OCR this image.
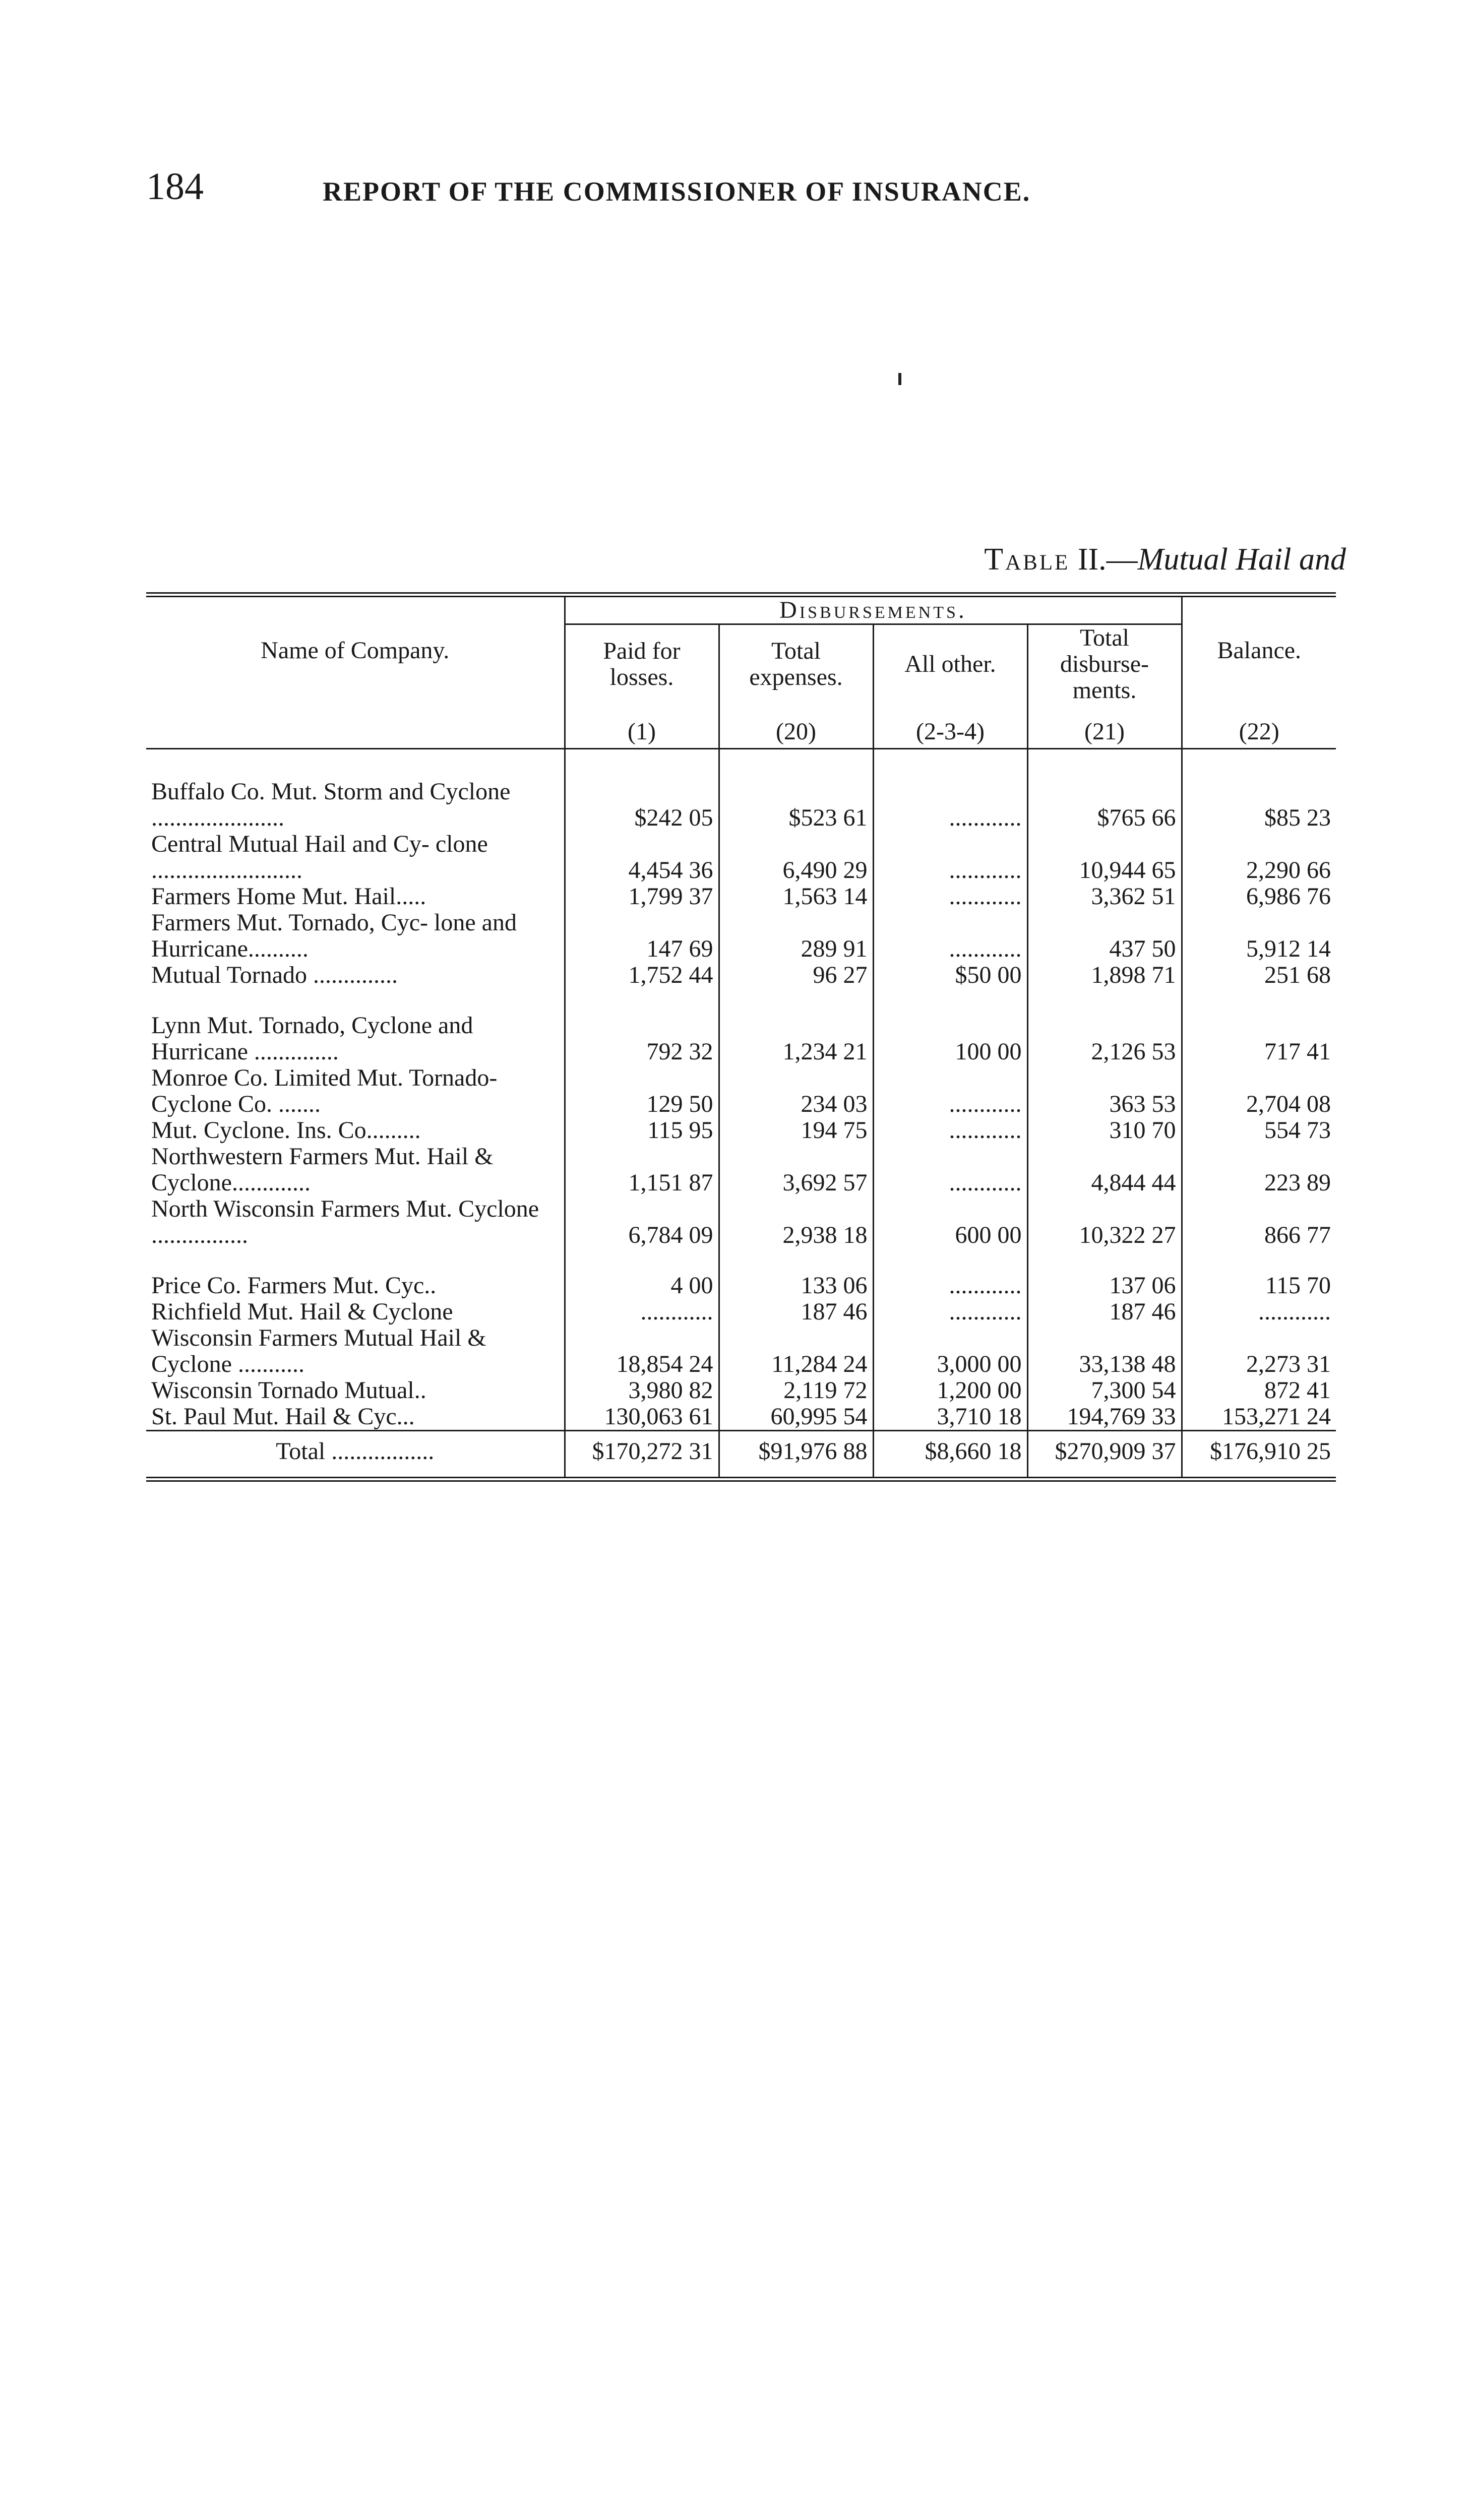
184	REPORT OF THE COMMISSIONER OF INSURANCE.
Table II.—Mutual Hail and
Name of Company.	Disbursements.				Balance.
	Paid for losses.	Total expenses.	All other.	Total disburse-ments.	
	(1)	(20)	(2-3-4)	(21)	(22)
Buffalo Co. Mut. Storm and Cyclone ......................	$242 05	$523 61	............	$765 66	$85 23
Central Mutual Hail and Cy- clone .........................	4,454 36	6,490 29	............	10,944 65	2,290 66
Farmers Home Mut. Hail.....	1,799 37	1,563 14	............	3,362 51	6,986 76
Farmers Mut. Tornado, Cyc- lone and Hurricane..........	147 69	289 91	............	437 50	5,912 14
Mutual Tornado ..............	1,752 44	96 27	$50 00	1,898 71	251 68

Lynn Mut. Tornado, Cyclone and Hurricane ..............	792 32	1,234 21	100 00	2,126 53	717 41
Monroe Co. Limited Mut. Tornado-Cyclone Co. .......	129 50	234 03	............	363 53	2,704 08
Mut. Cyclone. Ins. Co.........	115 95	194 75	............	310 70	554 73
Northwestern Farmers Mut. Hail & Cyclone.............	1,151 87	3,692 57	............	4,844 44	223 89
North Wisconsin Farmers Mut. Cyclone ................	6,784 09	2,938 18	600 00	10,322 27	866 77

Price Co. Farmers Mut. Cyc..	4 00	133 06	............	137 06	115 70
Richfield Mut. Hail & Cyclone	............	187 46	............	187 46	............
Wisconsin Farmers Mutual Hail & Cyclone ...........	18,854 24	11,284 24	3,000 00	33,138 48	2,273 31
Wisconsin Tornado Mutual..	3,980 82	2,119 72	1,200 00	7,300 54	872 41
St. Paul Mut. Hail & Cyc...	130,063 61	60,995 54	3,710 18	194,769 33	153,271 24
Total .................	$170,272 31	$91,976 88	$8,660 18	$270,909 37	$176,910 25
